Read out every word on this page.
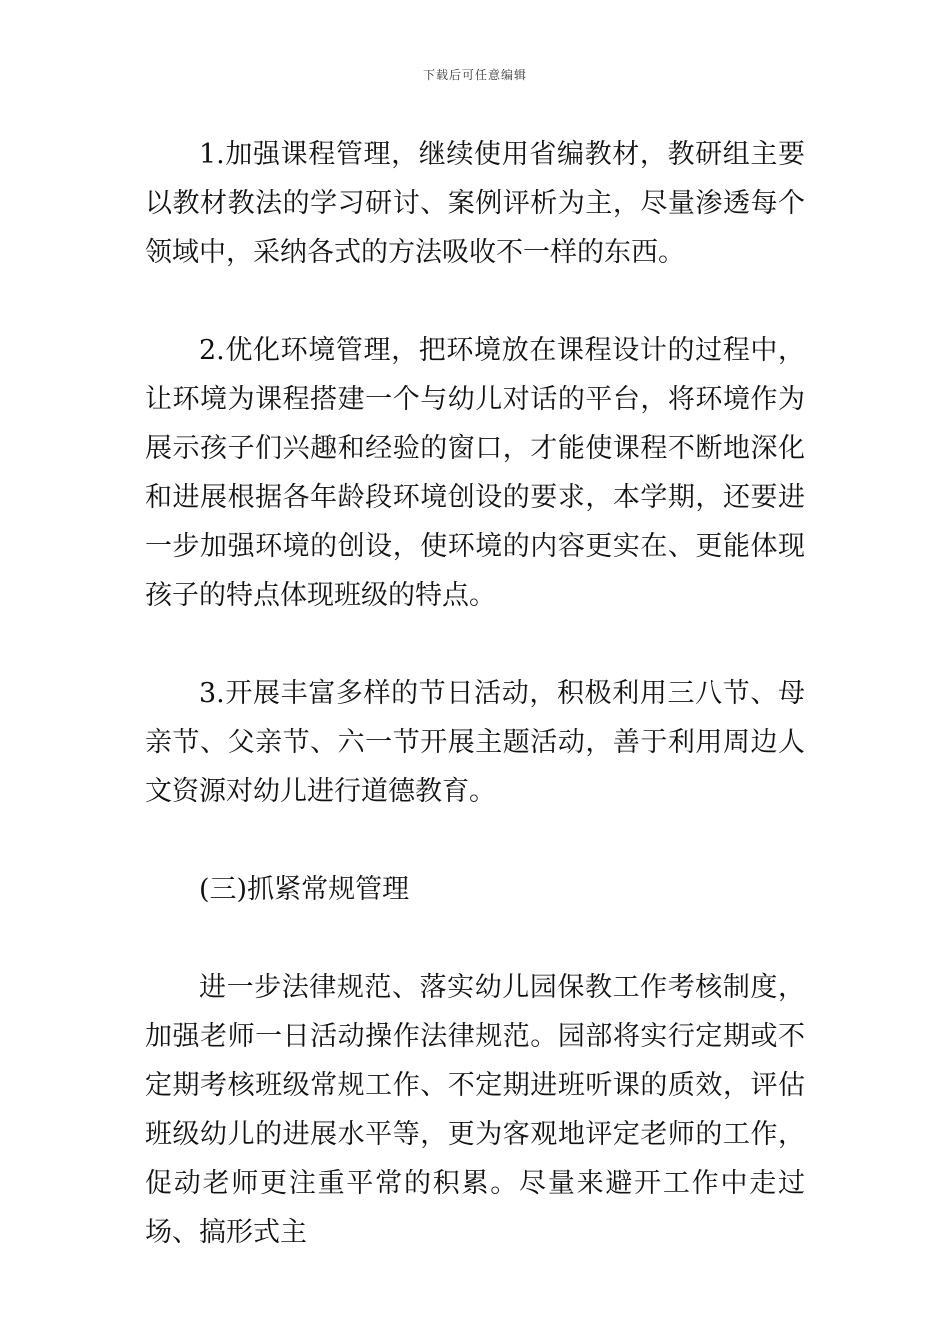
下载后可任意编辑

1.加强课程管理，继续使用省编教材，教研组主要以教材教法的学习研讨、案例评析为主，尽量渗透每个领域中，采纳各式的方法吸收不一样的东西。

2.优化环境管理，把环境放在课程设计的过程中，让环境为课程搭建一个与幼儿对话的平台，将环境作为展示孩子们兴趣和经验的窗口，才能使课程不断地深化和进展根据各年龄段环境创设的要求，本学期，还要进一步加强环境的创设，使环境的内容更实在、更能体现孩子的特点体现班级的特点。

3.开展丰富多样的节日活动，积极利用三八节、母亲节、父亲节、六一节开展主题活动，善于利用周边人文资源对幼儿进行道德教育。

(三)抓紧常规管理

进一步法律规范、落实幼儿园保教工作考核制度，加强老师一日活动操作法律规范。园部将实行定期或不定期考核班级常规工作、不定期进班听课的质效，评估班级幼儿的进展水平等，更为客观地评定老师的工作，促动老师更注重平常的积累。尽量来避开工作中走过场、搞形式主
